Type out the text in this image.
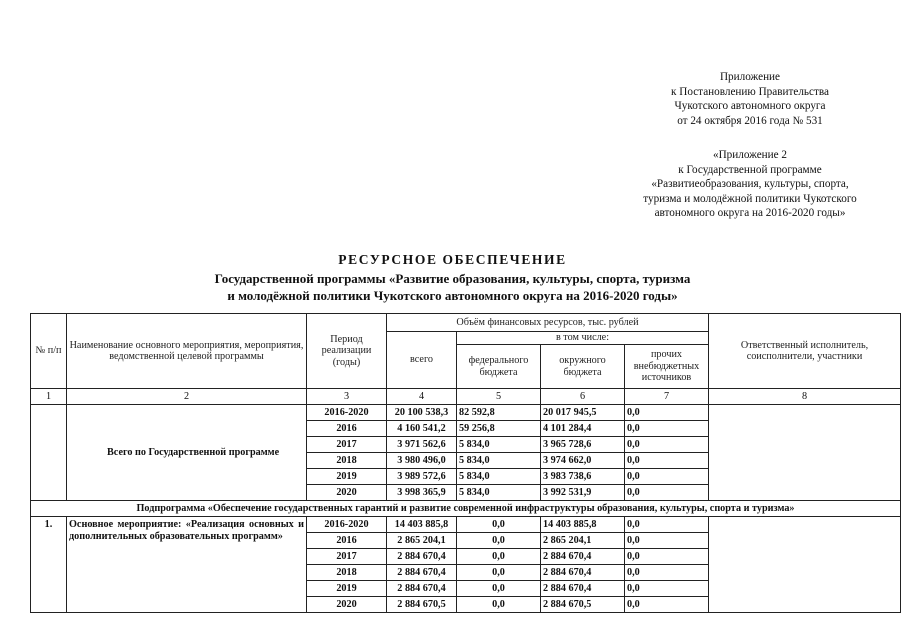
Приложение
к Постановлению Правительства
Чукотского автономного округа
от 24 октября 2016 года № 531
«Приложение 2
к Государственной программе
«Развитиеобразования, культуры, спорта,
туризма и молодёжной политики Чукотского
автономного округа на 2016-2020 годы»
РЕСУРСНОЕ ОБЕСПЕЧЕНИЕ
Государственной программы «Развитие образования, культуры, спорта, туризма
и молодёжной политики Чукотского автономного округа на 2016-2020 годы»
№ п/п	Наименование основного мероприятия, мероприятия, ведомственной целевой программы	Период реализации (годы)	Объём финансовых ресурсов, тыс. рублей				Ответственный исполнитель, соисполнители, участники
			всего	в том числе:			
				федерального бюджета	окружного бюджета	прочих внебюджетных источников	
1	2	3	4	5	6	7	8
	Всего по Государственной программе	2016-2020	20 100 538,3	82 592,8	20 017 945,5	0,0	
		2016	4 160 541,2	59 256,8	4 101 284,4	0,0	
		2017	3 971 562,6	5 834,0	3 965 728,6	0,0	
		2018	3 980 496,0	5 834,0	3 974 662,0	0,0	
		2019	3 989 572,6	5 834,0	3 983 738,6	0,0	
		2020	3 998 365,9	5 834,0	3 992 531,9	0,0	
Подпрограмма «Обеспечение государственных гарантий и развитие современной инфраструктуры образования, культуры, спорта и туризма»							
1.	Основное мероприятие: «Реализация основных и дополнительных образовательных программ»	2016-2020	14 403 885,8	0,0	14 403 885,8	0,0	
		2016	2 865 204,1	0,0	2 865 204,1	0,0	
		2017	2 884 670,4	0,0	2 884 670,4	0,0	
		2018	2 884 670,4	0,0	2 884 670,4	0,0	
		2019	2 884 670,4	0,0	2 884 670,4	0,0	
		2020	2 884 670,5	0,0	2 884 670,5	0,0	
